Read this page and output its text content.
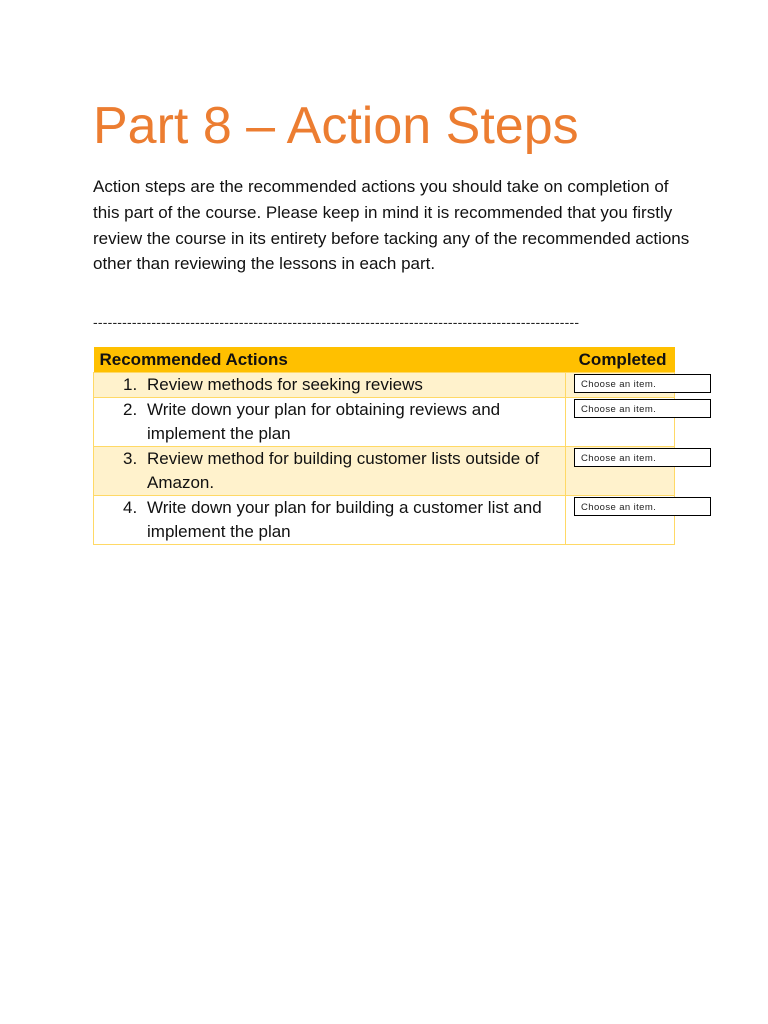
Part 8 – Action Steps

Action steps are the recommended actions you should take on completion of this part of the course. Please keep in mind it is recommended that you firstly review the course in its entirety before tacking any of the recommended actions other than reviewing the lessons in each part.

----------------------------------------------------------------------------------------------------
Recommended Actions	Completed

1. Review methods for seeking reviews	Choose an item.

2. Write down your plan for obtaining reviews and implement the plan	Choose an item.

3. Review method for building customer lists outside of Amazon.	Choose an item.

4. Write down your plan for building a customer list and implement the plan	Choose an item.
